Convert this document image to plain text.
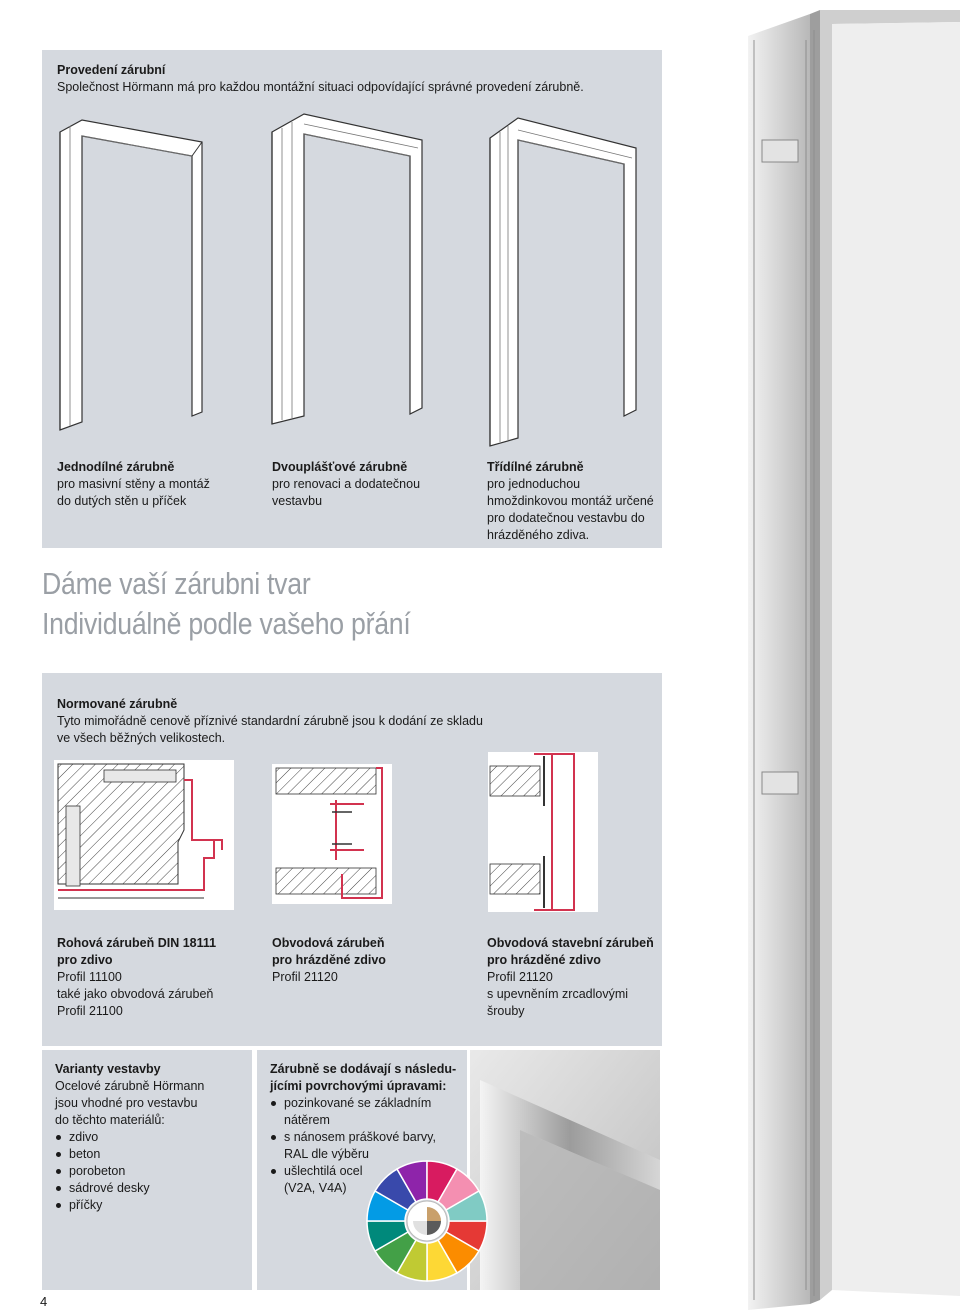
Provedení zárubní
Společnost Hörmann má pro každou montážní situaci odpovídající správné provedení zárubně.
Jednodílné zárubně
pro masivní stěny a montáž
do dutých stěn u příček
Dvouplášťové zárubně
pro renovaci a dodatečnou
vestavbu
Třídílné zárubně
pro jednoduchou
hmoždinkovou montáž určené
pro dodatečnou vestavbu do
hrázděného zdiva.
Dáme vaší zárubni tvar
Individuálně podle vašeho přání
Normované zárubně
Tyto mimořádně cenově příznivé standardní zárubně jsou k dodání ze skladu
ve všech běžných velikostech.
Rohová zárubeň DIN 18111
pro zdivo
Profil 11100
také jako obvodová zárubeň
Profil 21100
Obvodová zárubeň
pro hrázděné zdivo
Profil 21120
Obvodová stavební zárubeň
pro hrázděné zdivo
Profil 21120
s upevněním zrcadlovými
šrouby
Varianty vestavby
Ocelové zárubně Hörmann
jsou vhodné pro vestavbu
do těchto materiálů:
zdivo
beton
porobeton
sádrové desky
příčky
Zárubně se dodávají s následu-
jícími povrchovými úpravami:
pozinkované se základním
nátěrem
s nánosem práškové barvy,
RAL dle výběru
ušlechtilá ocel
(V2A, V4A)
4
